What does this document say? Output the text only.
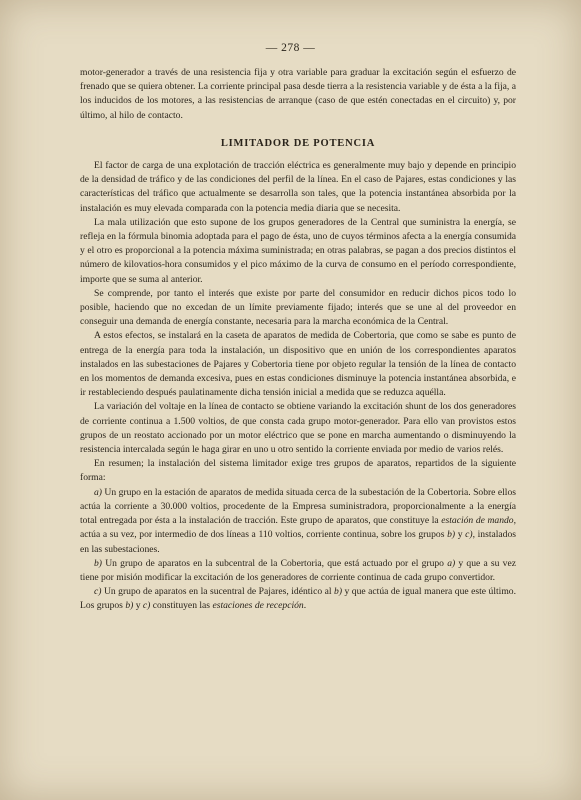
— 278 —

motor-generador a través de una resistencia fija y otra variable para graduar la excitación según el esfuerzo de frenado que se quiera obtener. La corriente principal pasa desde tierra a la resistencia variable y de ésta a la fija, a los inducidos de los motores, a las resistencias de arranque (caso de que estén conectadas en el circuito) y, por último, al hilo de contacto.

LIMITADOR DE POTENCIA

El factor de carga de una explotación de tracción eléctrica es generalmente muy bajo y depende en principio de la densidad de tráfico y de las condiciones del perfil de la línea. En el caso de Pajares, estas condiciones y las características del tráfico que actualmente se desarrolla son tales, que la potencia instantánea absorbida por la instalación es muy elevada comparada con la potencia media diaria que se necesita.

La mala utilización que esto supone de los grupos generadores de la Central que suministra la energía, se refleja en la fórmula binomia adoptada para el pago de ésta, uno de cuyos términos afecta a la energía consumida y el otro es proporcional a la potencia máxima suministrada; en otras palabras, se pagan a dos precios distintos el número de kilovatios-hora consumidos y el pico máximo de la curva de consumo en el período correspondiente, importe que se suma al anterior.

Se comprende, por tanto el interés que existe por parte del consumidor en reducir dichos picos todo lo posible, haciendo que no excedan de un límite previamente fijado; interés que se une al del proveedor en conseguir una demanda de energía constante, necesaria para la marcha económica de la Central.

A estos efectos, se instalará en la caseta de aparatos de medida de Cobertoria, que como se sabe es punto de entrega de la energía para toda la instalación, un dispositivo que en unión de los correspondientes aparatos instalados en las subestaciones de Pajares y Cobertoria tiene por objeto regular la tensión de la línea de contacto en los momentos de demanda excesiva, pues en estas condiciones disminuye la potencia instantánea absorbida, e ir restableciendo después paulatinamente dicha tensión inicial a medida que se reduzca aquélla.

La variación del voltaje en la línea de contacto se obtiene variando la excitación shunt de los dos generadores de corriente continua a 1.500 voltios, de que consta cada grupo motor-generador. Para ello van provistos estos grupos de un reostato accionado por un motor eléctrico que se pone en marcha aumentando o disminuyendo la resistencia intercalada según le haga girar en uno u otro sentido la corriente enviada por medio de varios relés.

En resumen; la instalación del sistema limitador exige tres grupos de aparatos, repartidos de la siguiente forma:

a) Un grupo en la estación de aparatos de medida situada cerca de la subestación de la Cobertoria. Sobre ellos actúa la corriente a 30.000 voltios, procedente de la Empresa suministradora, proporcionalmente a la energía total entregada por ésta a la instalación de tracción. Este grupo de aparatos, que constituye la estación de mando, actúa a su vez, por intermedio de dos líneas a 110 voltios, corriente continua, sobre los grupos b) y c), instalados en las subestaciones.

b) Un grupo de aparatos en la subcentral de la Cobertoria, que está actuado por el grupo a) y que a su vez tiene por misión modificar la excitación de los generadores de corriente continua de cada grupo convertidor.

c) Un grupo de aparatos en la sucentral de Pajares, idéntico al b) y que actúa de igual manera que este último. Los grupos b) y c) constituyen las estaciones de recepción.
